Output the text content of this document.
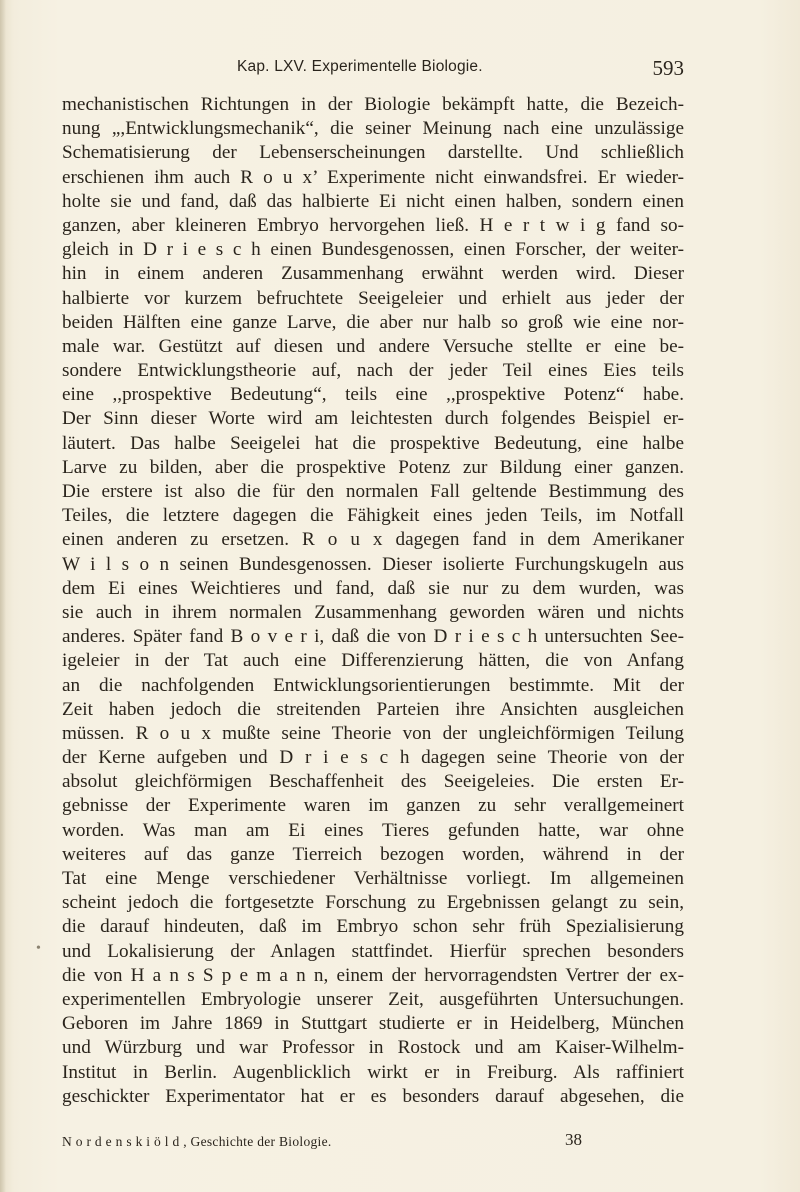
Kap. LXV. Experimentelle Biologie.	593
mechanistischen Richtungen in der Biologie bekämpft hatte, die Bezeich-
nung „,Entwicklungsmechanik“, die seiner Meinung nach eine unzulässige
Schematisierung der Lebenserscheinungen darstellte. Und schließlich
erschienen ihm auch R o u x’ Experimente nicht einwandsfrei. Er wieder-
holte sie und fand, daß das halbierte Ei nicht einen halben, sondern einen
ganzen, aber kleineren Embryo hervorgehen ließ. H e r t w i g fand so-
gleich in D r i e s c h einen Bundesgenossen, einen Forscher, der weiter-
hin in einem anderen Zusammenhang erwähnt werden wird. Dieser
halbierte vor kurzem befruchtete Seeigeleier und erhielt aus jeder der
beiden Hälften eine ganze Larve, die aber nur halb so groß wie eine nor-
male war. Gestützt auf diesen und andere Versuche stellte er eine be-
sondere Entwicklungstheorie auf, nach der jeder Teil eines Eies teils
eine ,,prospektive Bedeutung“, teils eine ,,prospektive Potenz“ habe.
Der Sinn dieser Worte wird am leichtesten durch folgendes Beispiel er-
läutert. Das halbe Seeigelei hat die prospektive Bedeutung, eine halbe
Larve zu bilden, aber die prospektive Potenz zur Bildung einer ganzen.
Die erstere ist also die für den normalen Fall geltende Bestimmung des
Teiles, die letztere dagegen die Fähigkeit eines jeden Teils, im Notfall
einen anderen zu ersetzen. R o u x dagegen fand in dem Amerikaner
W i l s o n seinen Bundesgenossen. Dieser isolierte Furchungskugeln aus
dem Ei eines Weichtieres und fand, daß sie nur zu dem wurden, was
sie auch in ihrem normalen Zusammenhang geworden wären und nichts
anderes. Später fand B o v e r i, daß die von D r i e s c h untersuchten See-
igeleier in der Tat auch eine Differenzierung hätten, die von Anfang
an die nachfolgenden Entwicklungsorientierungen bestimmte. Mit der
Zeit haben jedoch die streitenden Parteien ihre Ansichten ausgleichen
müssen. R o u x mußte seine Theorie von der ungleichförmigen Teilung
der Kerne aufgeben und D r i e s c h dagegen seine Theorie von der
absolut gleichförmigen Beschaffenheit des Seeigeleies. Die ersten Er-
gebnisse der Experimente waren im ganzen zu sehr verallgemeinert
worden. Was man am Ei eines Tieres gefunden hatte, war ohne
weiteres auf das ganze Tierreich bezogen worden, während in der
Tat eine Menge verschiedener Verhältnisse vorliegt. Im allgemeinen
scheint jedoch die fortgesetzte Forschung zu Ergebnissen gelangt zu sein,
die darauf hindeuten, daß im Embryo schon sehr früh Spezialisierung
und Lokalisierung der Anlagen stattfindet. Hierfür sprechen besonders
die von H a n s S p e m a n n, einem der hervorragendsten Vertrer der ex-
experimentellen Embryologie unserer Zeit, ausgeführten Untersuchungen.
Geboren im Jahre 1869 in Stuttgart studierte er in Heidelberg, München
und Würzburg und war Professor in Rostock und am Kaiser-Wilhelm-
Institut in Berlin. Augenblicklich wirkt er in Freiburg. Als raffiniert
geschickter Experimentator hat er es besonders darauf abgesehen, die
•
N o r d e n s k i ö l d , Geschichte der Biologie.	38
